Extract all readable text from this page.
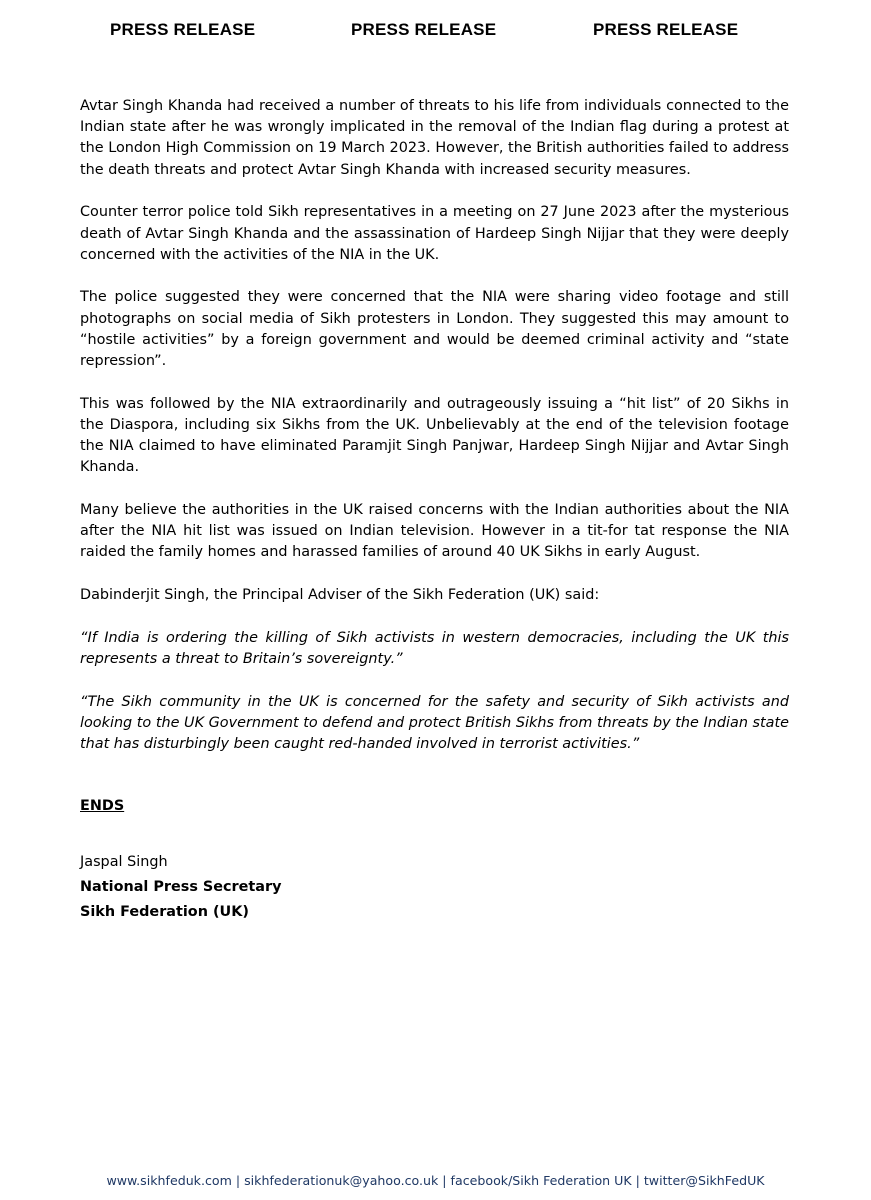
PRESS RELEASE	PRESS RELEASE	PRESS RELEASE

Avtar Singh Khanda had received a number of threats to his life from individuals connected to the Indian state after he was wrongly implicated in the removal of the Indian flag during a protest at the London High Commission on 19 March 2023. However, the British authorities failed to address the death threats and protect Avtar Singh Khanda with increased security measures.

Counter terror police told Sikh representatives in a meeting on 27 June 2023 after the mysterious death of Avtar Singh Khanda and the assassination of Hardeep Singh Nijjar that they were deeply concerned with the activities of the NIA in the UK.

The police suggested they were concerned that the NIA were sharing video footage and still photographs on social media of Sikh protesters in London. They suggested this may amount to “hostile activities” by a foreign government and would be deemed criminal activity and “state repression”.

This was followed by the NIA extraordinarily and outrageously issuing a “hit list” of 20 Sikhs in the Diaspora, including six Sikhs from the UK. Unbelievably at the end of the television footage the NIA claimed to have eliminated Paramjit Singh Panjwar, Hardeep Singh Nijjar and Avtar Singh Khanda.

Many believe the authorities in the UK raised concerns with the Indian authorities about the NIA after the NIA hit list was issued on Indian television. However in a tit-for tat response the NIA raided the family homes and harassed families of around 40 UK Sikhs in early August.

Dabinderjit Singh, the Principal Adviser of the Sikh Federation (UK) said:

“If India is ordering the killing of Sikh activists in western democracies, including the UK this represents a threat to Britain’s sovereignty.”

“The Sikh community in the UK is concerned for the safety and security of Sikh activists and looking to the UK Government to defend and protect British Sikhs from threats by the Indian state that has disturbingly been caught red-handed involved in terrorist activities.”

ENDS
Jaspal Singh
National Press Secretary
Sikh Federation (UK)
www.sikhfeduk.com | sikhfederationuk@yahoo.co.uk | facebook/Sikh Federation UK | twitter@SikhFedUK
